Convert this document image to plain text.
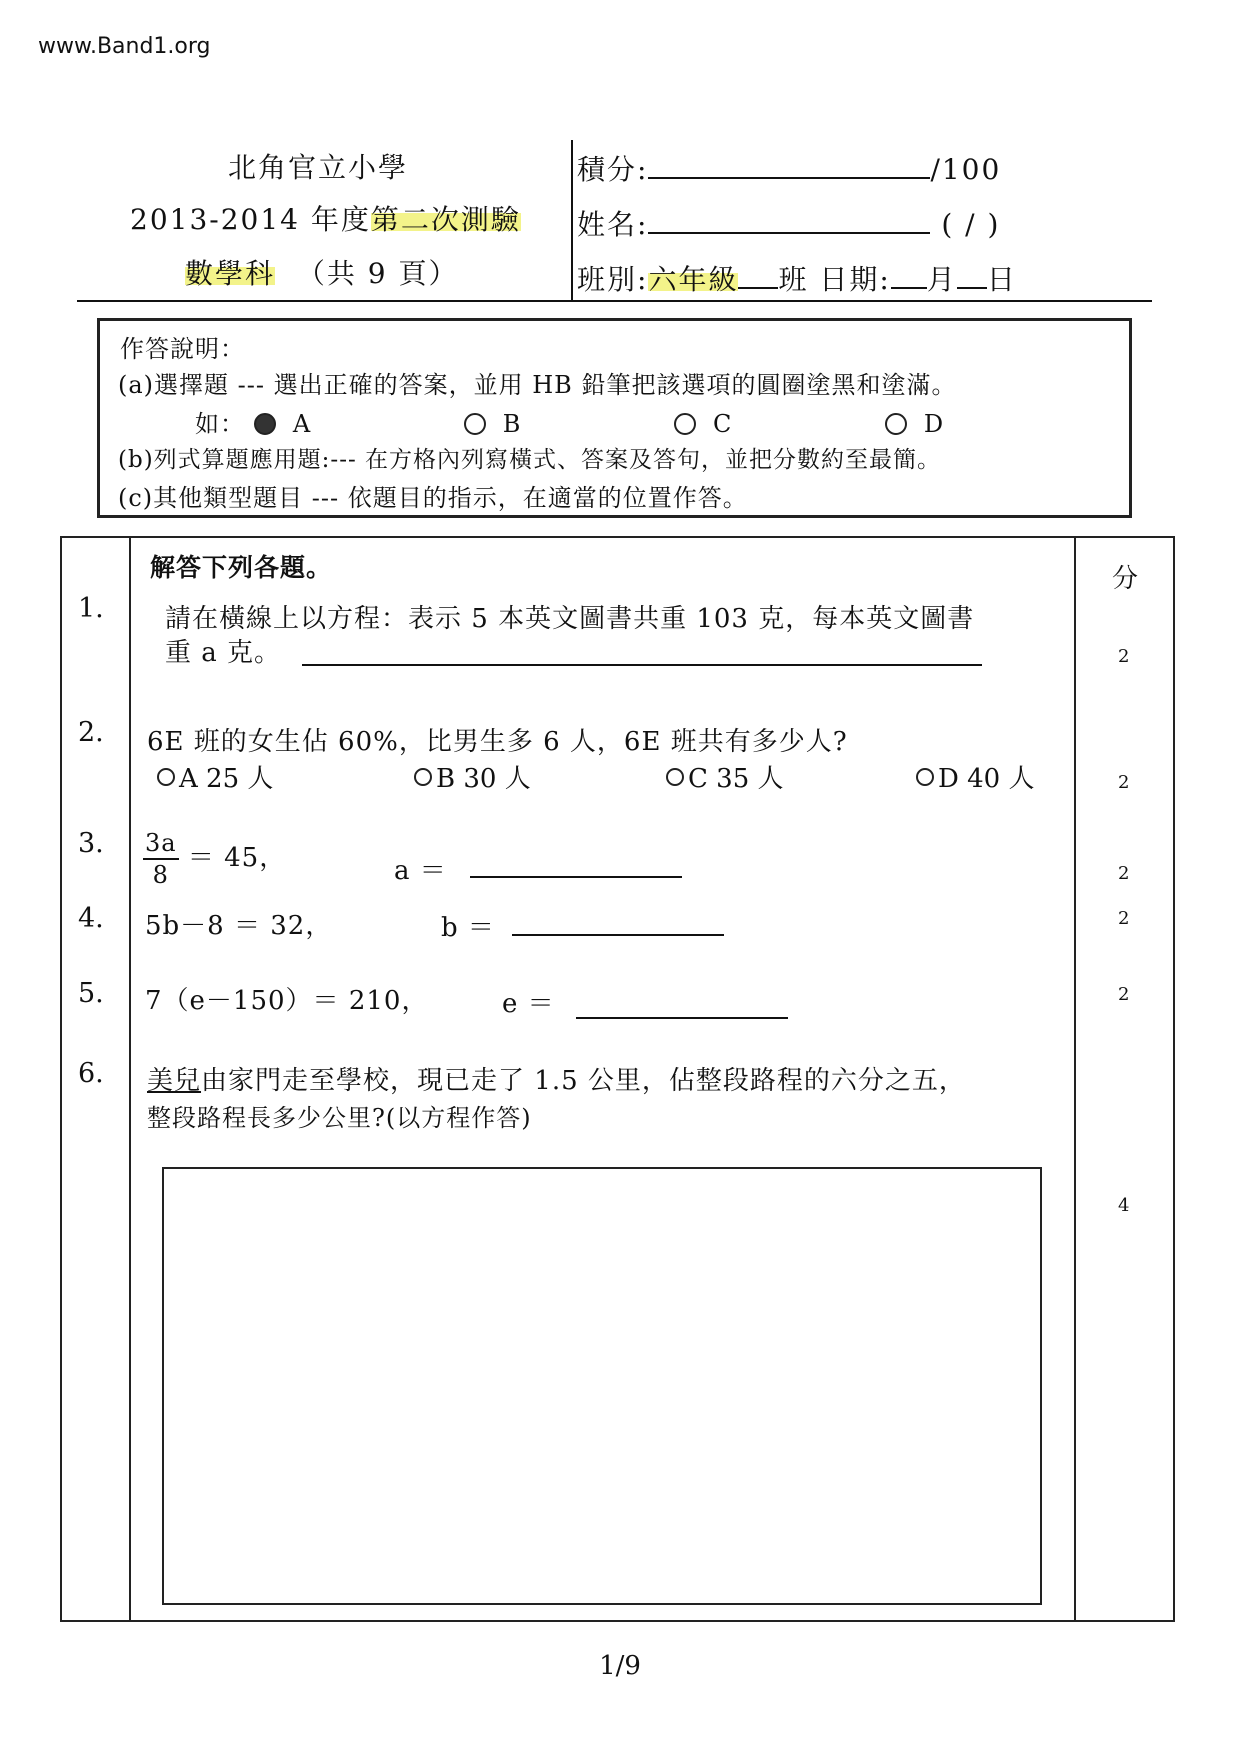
www.Band1.org
北角官立小學
2013-2014 年度第二次測驗
數學科 （共 9 頁）
積分:	/100
姓名:	( / )
班別:六年級 班 日期: 月 日
作答說明：
(a)選擇題 --- 選出正確的答案，並用 HB 鉛筆把該選項的圓圈塗黑和塗滿。
如： A	B	C	D
(b)列式算題應用題:--- 在方格內列寫橫式、答案及答句，並把分數約至最簡。
(c)其他類型題目 --- 依題目的指示，在適當的位置作答。
解答下列各題。	分
1. 請在橫線上以方程：表示 5 本英文圖書共重 103 克，每本英文圖書
重 a 克。	2
2. 6E 班的女生佔 60%，比男生多 6 人，6E 班共有多少人?
A 25 人	B 30 人	C 35 人	D 40 人	2
3. $\frac{3a}{8} = 45$，	a ＝	2
4. 5b－8 ＝ 32，	b ＝	2
5. 7（e－150）＝ 210，	e ＝	2
6. 美兒由家門走至學校，現已走了 1.5 公里，佔整段路程的六分之五，
整段路程長多少公里?(以方程作答)
4
1/9
